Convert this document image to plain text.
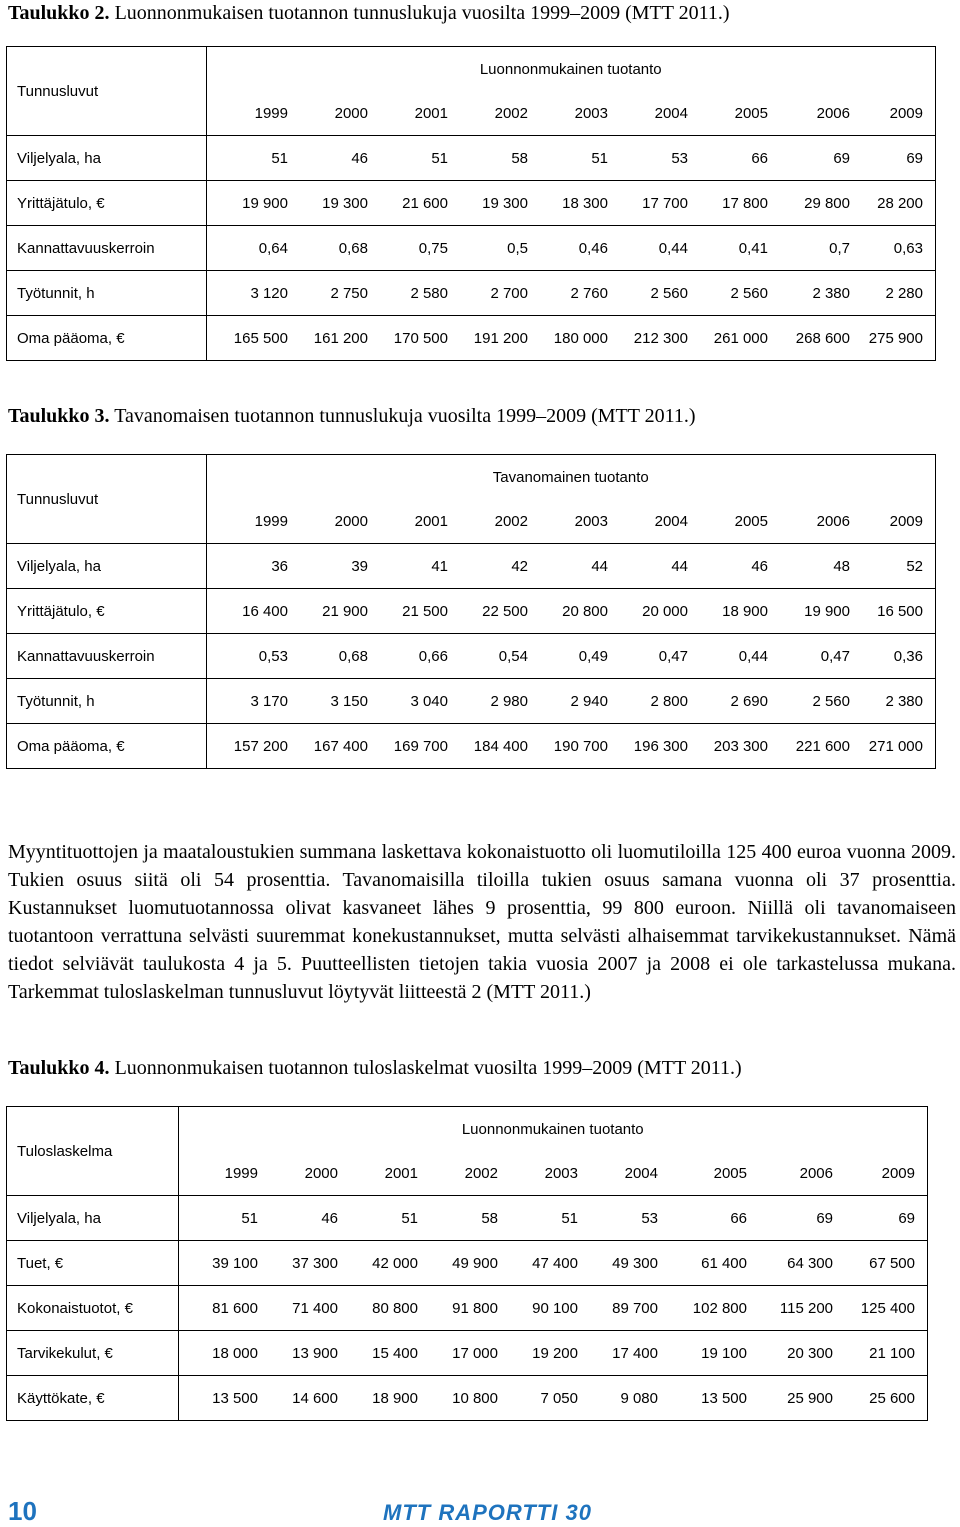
Taulukko 2. Luonnonmukaisen tuotannon tunnuslukuja vuosilta 1999–2009 (MTT 2011.)
Tunnusluvut	Luonnonmukainen tuotanto								
	1999	2000	2001	2002	2003	2004	2005	2006	2009
Viljelyala, ha	51	46	51	58	51	53	66	69	69
Yrittäjätulo, €	19 900	19 300	21 600	19 300	18 300	17 700	17 800	29 800	28 200
Kannattavuuskerroin	0,64	0,68	0,75	0,5	0,46	0,44	0,41	0,7	0,63
Työtunnit, h	3 120	2 750	2 580	2 700	2 760	2 560	2 560	2 380	2 280
Oma pääoma, €	165 500	161 200	170 500	191 200	180 000	212 300	261 000	268 600	275 900
Taulukko 3. Tavanomaisen tuotannon tunnuslukuja vuosilta 1999–2009 (MTT 2011.)
Tunnusluvut	Tavanomainen tuotanto								
	1999	2000	2001	2002	2003	2004	2005	2006	2009
Viljelyala, ha	36	39	41	42	44	44	46	48	52
Yrittäjätulo, €	16 400	21 900	21 500	22 500	20 800	20 000	18 900	19 900	16 500
Kannattavuuskerroin	0,53	0,68	0,66	0,54	0,49	0,47	0,44	0,47	0,36
Työtunnit, h	3 170	3 150	3 040	2 980	2 940	2 800	2 690	2 560	2 380
Oma pääoma, €	157 200	167 400	169 700	184 400	190 700	196 300	203 300	221 600	271 000
Myyntituottojen ja maataloustukien summana laskettava kokonaistuotto oli luomutiloilla 125 400 euroa vuonna 2009. Tukien osuus siitä oli 54 prosenttia. Tavanomaisilla tiloilla tukien osuus samana vuonna oli 37 prosenttia. Kustannukset luomutuotannossa olivat kasvaneet lähes 9 prosenttia, 99 800 euroon. Niillä oli tavanomaiseen tuotantoon verrattuna selvästi suuremmat konekustannukset, mutta selvästi alhaisemmat tarvikekustannukset. Nämä tiedot selviävät taulukosta 4 ja 5. Puutteellisten tietojen takia vuosia 2007 ja 2008 ei ole tarkastelussa mukana. Tarkemmat tuloslaskelman tunnusluvut löytyvät liitteestä 2 (MTT 2011.)
Taulukko 4. Luonnonmukaisen tuotannon tuloslaskelmat vuosilta 1999–2009 (MTT 2011.)
Tuloslaskelma	Luonnonmukainen tuotanto								
	1999	2000	2001	2002	2003	2004	2005	2006	2009
Viljelyala, ha	51	46	51	58	51	53	66	69	69
Tuet, €	39 100	37 300	42 000	49 900	47 400	49 300	61 400	64 300	67 500
Kokonaistuotot, €	81 600	71 400	80 800	91 800	90 100	89 700	102 800	115 200	125 400
Tarvikekulut, €	18 000	13 900	15 400	17 000	19 200	17 400	19 100	20 300	21 100
Käyttökate, €	13 500	14 600	18 900	10 800	7 050	9 080	13 500	25 900	25 600
10	MTT RAPORTTI 30
